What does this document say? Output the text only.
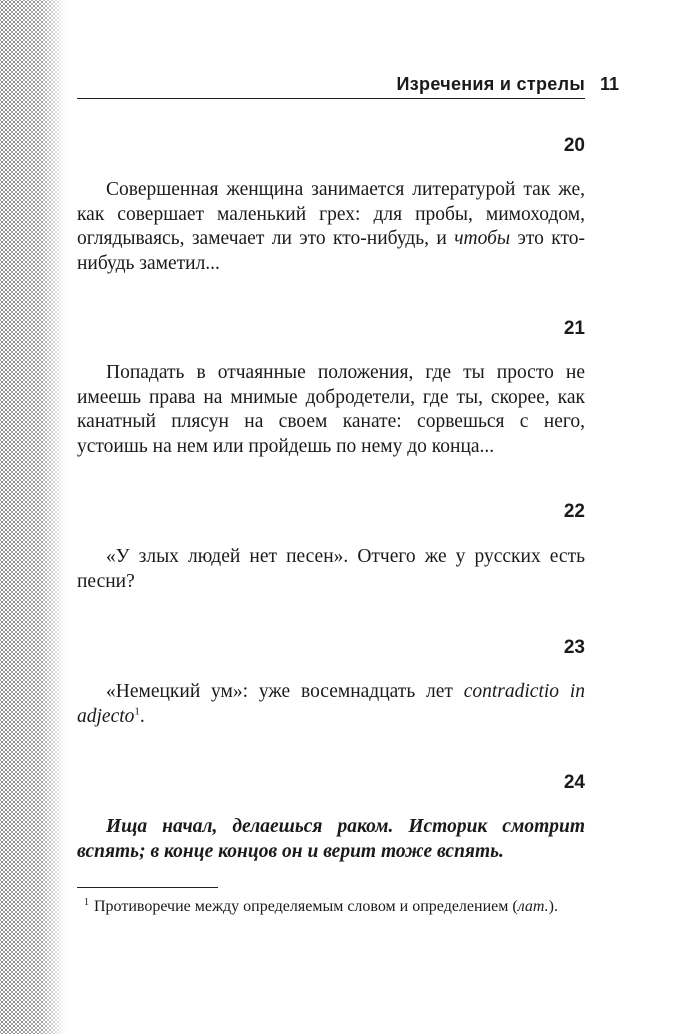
Изречения и стрелы 11
20

Совершенная женщина занимается литературой так же, как совершает маленький грех: для пробы, мимоходом, оглядываясь, замечает ли это кто-нибудь, и чтобы это кто-нибудь заметил...

21

Попадать в отчаянные положения, где ты просто не имеешь права на мнимые добродетели, где ты, скорее, как канатный плясун на своем канате: сорвешься с него, устоишь на нем или пройдешь по нему до конца...

22

«У злых людей нет песен». Отчего же у русских есть песни?

23

«Немецкий ум»: уже восемнадцать лет contradictio in adjecto$^1$.

24

Ища начал, делаешься раком. Историк смотрит вспять; в конце концов он и верит тоже вспять.

$^1$ Противоречие между определяемым словом и определением (лат.).
